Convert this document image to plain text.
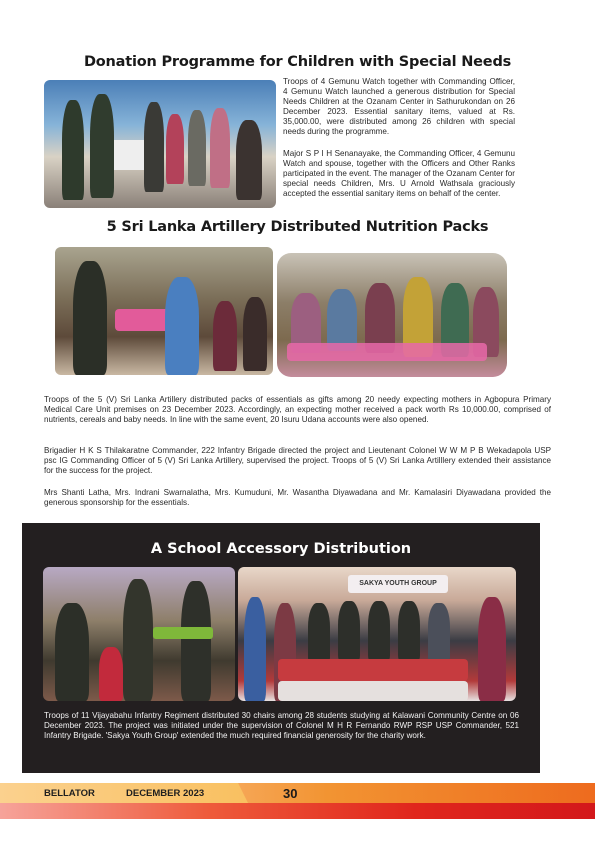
Donation Programme for Children with Special Needs
Troops of 4 Gemunu Watch together with Commanding Officer, 4 Gemunu Watch launched a generous distribution for Special Needs Children at the Ozanam Center in Sathurukondan on 26 December 2023. Essential sanitary items, valued at Rs. 35,000.00, were distributed among 26 children with special needs during the programme.
Major S P I H Senanayake, the Commanding Officer, 4 Gemunu Watch and spouse, together with the Officers and Other Ranks participated in the event. The manager of the Ozanam Center for special needs Children, Mrs. U Arnold Wathsala graciously accepted the essential sanitary items on behalf of the center.
5 Sri Lanka Artillery Distributed Nutrition Packs
Troops of the 5 (V) Sri Lanka Artillery distributed packs of essentials as gifts among 20 needy expecting mothers in Agbopura Primary Medical Care Unit premises on 23 December 2023. Accordingly, an expecting mother received a pack worth Rs 10,000.00, comprised of nutrients, cereals and baby needs. In line with the same event, 20 Isuru Udana accounts were also opened.
Brigadier H K S Thilakaratne Commander, 222 Infantry Brigade directed the project and Lieutenant Colonel W W M P B Wekadapola USP psc IG Commanding Officer of 5 (V) Sri Lanka Artillery, supervised the project. Troops of 5 (V) Sri Lanka Artilllery extended their assistance for the success for the project.
Mrs Shanti Latha, Mrs. Indrani Swarnalatha, Mrs. Kumuduni, Mr. Wasantha Diyawadana and Mr. Kamalasiri Diyawadana provided the generous sponsorship for the essentials.
A School Accessory Distribution
SAKYA YOUTH GROUP
Troops of 11 Vijayabahu Infantry Regiment distributed 30 chairs among 28 students studying at Kalawani Community Centre on 06 December 2023. The project was initiated under the supervision of Colonel M H R Fernando RWP RSP USP Commander, 521 Infantry Brigade. 'Sakya Youth Group' extended the much required financial generosity for the charity work.
BELLATOR	DECEMBER 2023	30
